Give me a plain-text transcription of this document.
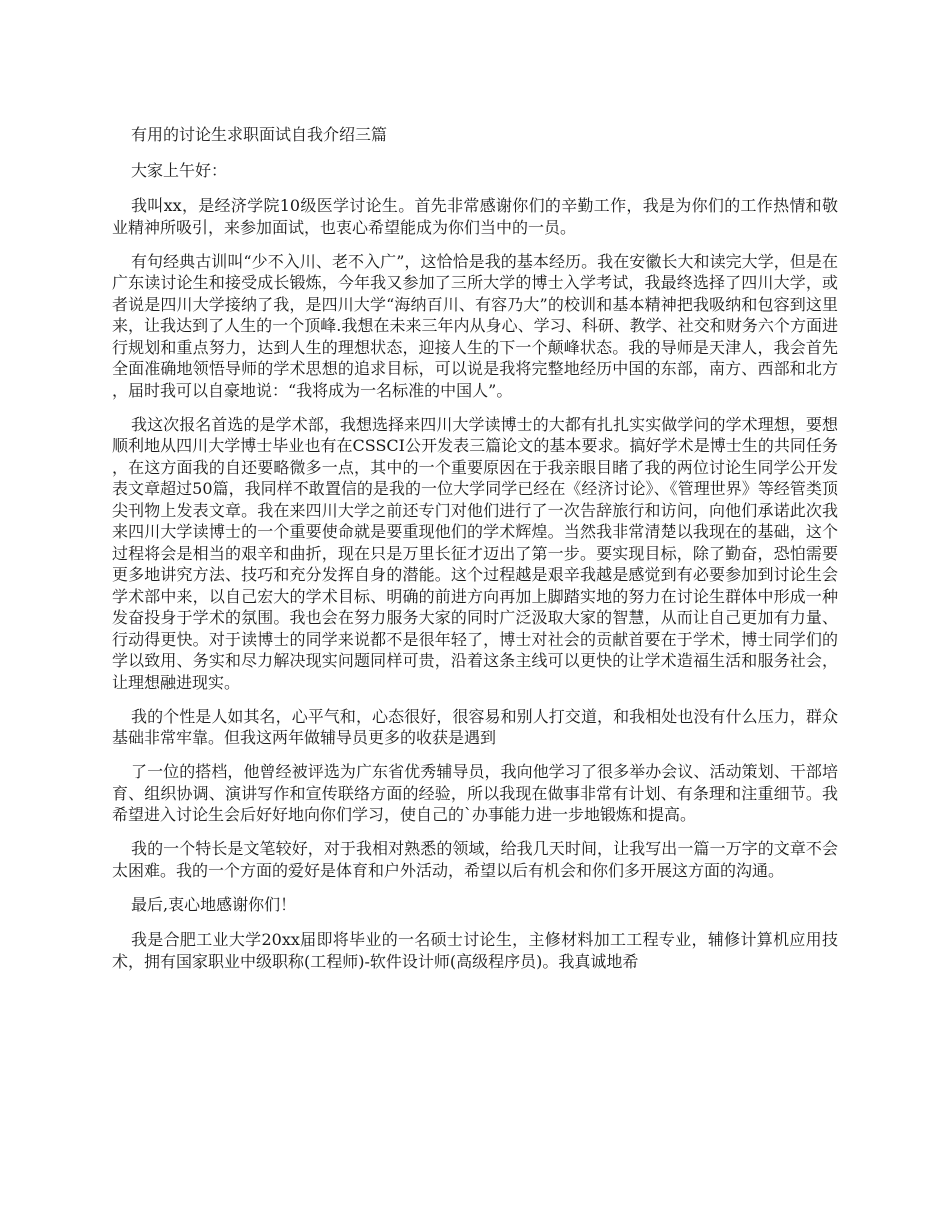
有用的讨论生求职面试自我介绍三篇

大家上午好：

我叫xx，是经济学院10级医学讨论生。首先非常感谢你们的辛勤工作，我是为你们的工作热情和敬业精神所吸引，来参加面试，也衷心希望能成为你们当中的一员。

有句经典古训叫“少不入川、老不入广”，这恰恰是我的基本经历。我在安徽长大和读完大学，但是在广东读讨论生和接受成长锻炼，今年我又参加了三所大学的博士入学考试，我最终选择了四川大学，或者说是四川大学接纳了我，是四川大学“海纳百川、有容乃大”的校训和基本精神把我吸纳和包容到这里来，让我达到了人生的一个顶峰.我想在未来三年内从身心、学习、科研、教学、社交和财务六个方面进行规划和重点努力，达到人生的理想状态，迎接人生的下一个颠峰状态。我的导师是天津人，我会首先全面准确地领悟导师的学术思想的追求目标，可以说是我将完整地经历中国的东部，南方、西部和北方，届时我可以自豪地说：“我将成为一名标准的中国人”。

我这次报名首选的是学术部，我想选择来四川大学读博士的大都有扎扎实实做学问的学术理想，要想顺利地从四川大学博士毕业也有在CSSCI公开发表三篇论文的基本要求。搞好学术是博士生的共同任务，在这方面我的自还要略微多一点，其中的一个重要原因在于我亲眼目睹了我的两位讨论生同学公开发表文章超过50篇，我同样不敢置信的是我的一位大学同学已经在《经济讨论》、《管理世界》等经管类顶尖刊物上发表文章。我在来四川大学之前还专门对他们进行了一次告辞旅行和访问，向他们承诺此次我来四川大学读博士的一个重要使命就是要重现他们的学术辉煌。当然我非常清楚以我现在的基础，这个过程将会是相当的艰辛和曲折，现在只是万里长征才迈出了第一步。要实现目标，除了勤奋，恐怕需要更多地讲究方法、技巧和充分发挥自身的潜能。这个过程越是艰辛我越是感觉到有必要参加到讨论生会学术部中来，以自己宏大的学术目标、明确的前进方向再加上脚踏实地的努力在讨论生群体中形成一种发奋投身于学术的氛围。我也会在努力服务大家的同时广泛汲取大家的智慧，从而让自己更加有力量、行动得更快。对于读博士的同学来说都不是很年轻了，博士对社会的贡献首要在于学术，博士同学们的学以致用、务实和尽力解决现实问题同样可贵，沿着这条主线可以更快的让学术造福生活和服务社会，让理想融进现实。

我的个性是人如其名，心平气和，心态很好，很容易和别人打交道，和我相处也没有什么压力，群众基础非常牢靠。但我这两年做辅导员更多的收获是遇到

了一位的搭档，他曾经被评选为广东省优秀辅导员，我向他学习了很多举办会议、活动策划、干部培育、组织协调、演讲写作和宣传联络方面的经验，所以我现在做事非常有计划、有条理和注重细节。我希望进入讨论生会后好好地向你们学习，使自己的`办事能力进一步地锻炼和提高。

我的一个特长是文笔较好，对于我相对熟悉的领域，给我几天时间，让我写出一篇一万字的文章不会太困难。我的一个方面的爱好是体育和户外活动，希望以后有机会和你们多开展这方面的沟通。

最后,衷心地感谢你们！

我是合肥工业大学20xx届即将毕业的一名硕士讨论生，主修材料加工工程专业，辅修计算机应用技术，拥有国家职业中级职称(工程师)-软件设计师(高级程序员)。我真诚地希
